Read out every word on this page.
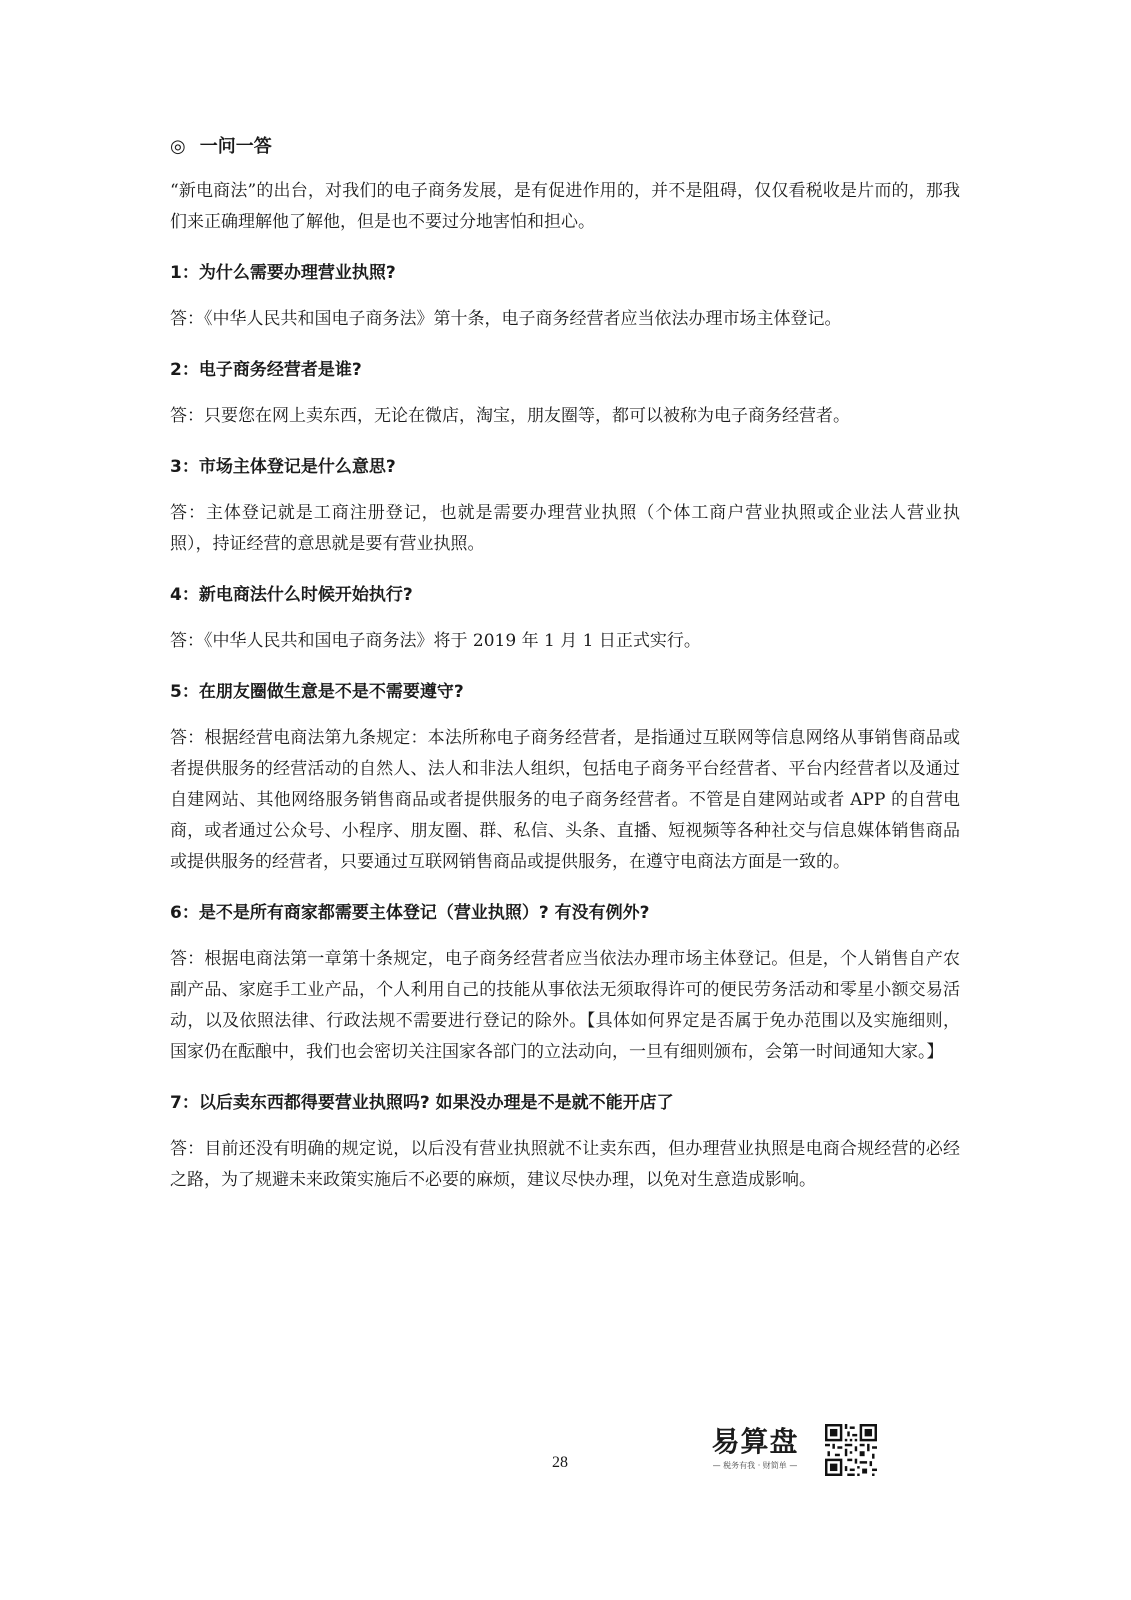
◎ 一问一答

“新电商法”的出台，对我们的电子商务发展，是有促进作用的，并不是阻碍，仅仅看税收是片而的，那我们来正确理解他了解他，但是也不要过分地害怕和担心。

1：为什么需要办理营业执照?

答：《中华人民共和国电子商务法》第十条，电子商务经营者应当依法办理市场主体登记。

2：电子商务经营者是谁?

答：只要您在网上卖东西，无论在微店，淘宝，朋友圈等，都可以被称为电子商务经营者。

3：市场主体登记是什么意思?

答：主体登记就是工商注册登记，也就是需要办理营业执照（个体工商户营业执照或企业法人营业执照），持证经营的意思就是要有营业执照。

4：新电商法什么时候开始执行?

答：《中华人民共和国电子商务法》将于 2019 年 1 月 1 日正式实行。

5：在朋友圈做生意是不是不需要遵守?

答：根据经营电商法第九条规定：本法所称电子商务经营者，是指通过互联网等信息网络从事销售商品或者提供服务的经营活动的自然人、法人和非法人组织，包括电子商务平台经营者、平台内经营者以及通过自建网站、其他网络服务销售商品或者提供服务的电子商务经营者。不管是自建网站或者 APP 的自营电商，或者通过公众号、小程序、朋友圈、群、私信、头条、直播、短视频等各种社交与信息媒体销售商品或提供服务的经营者，只要通过互联网销售商品或提供服务，在遵守电商法方面是一致的。

6：是不是所有商家都需要主体登记（营业执照）? 有没有例外?

答：根据电商法第一章第十条规定，电子商务经营者应当依法办理市场主体登记。但是，个人销售自产农副产品、家庭手工业产品，个人利用自己的技能从事依法无须取得许可的便民劳务活动和零星小额交易活动，以及依照法律、行政法规不需要进行登记的除外。【具体如何界定是否属于免办范围以及实施细则，国家仍在酝酿中，我们也会密切关注国家各部门的立法动向，一旦有细则颁布，会第一时间通知大家。】

7：以后卖东西都得要营业执照吗? 如果没办理是不是就不能开店了

答：目前还没有明确的规定说，以后没有营业执照就不让卖东西，但办理营业执照是电商合规经营的必经之路，为了规避未来政策实施后不必要的麻烦，建议尽快办理，以免对生意造成影响。

28
易算盘
— 税务有我 · 财简单 —
